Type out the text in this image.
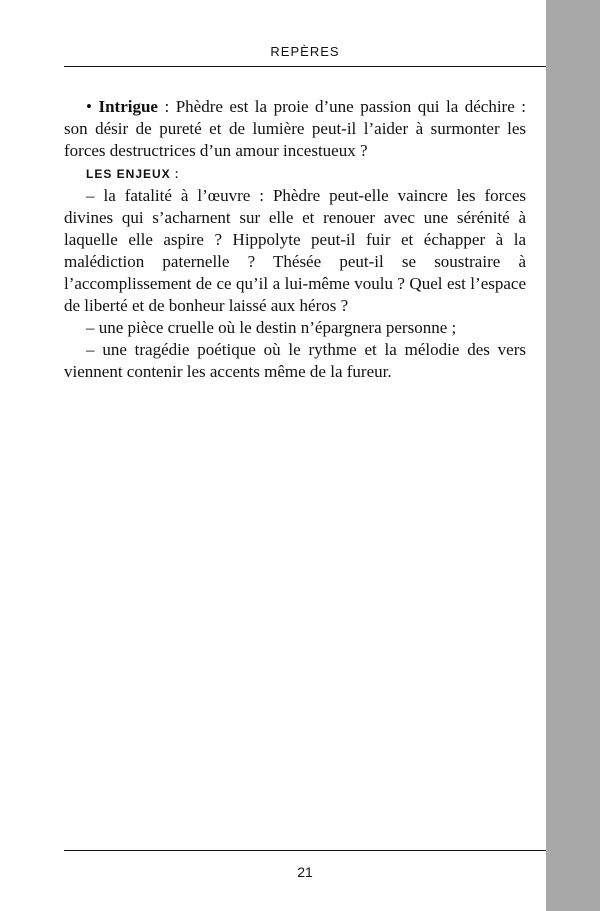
REPÈRES

• Intrigue : Phèdre est la proie d’une passion qui la déchire : son désir de pureté et de lumière peut-il l’aider à surmonter les forces destructrices d’un amour incestueux ?

LES ENJEUX :

– la fatalité à l’œuvre : Phèdre peut-elle vaincre les forces divines qui s’acharnent sur elle et renouer avec une sérénité à laquelle elle aspire ? Hippolyte peut-il fuir et échapper à la malédiction paternelle ? Thésée peut-il se soustraire à l’accomplissement de ce qu’il a lui-même voulu ? Quel est l’espace de liberté et de bonheur laissé aux héros ?

– une pièce cruelle où le destin n’épargnera personne ;

– une tragédie poétique où le rythme et la mélodie des vers viennent contenir les accents même de la fureur.

21
